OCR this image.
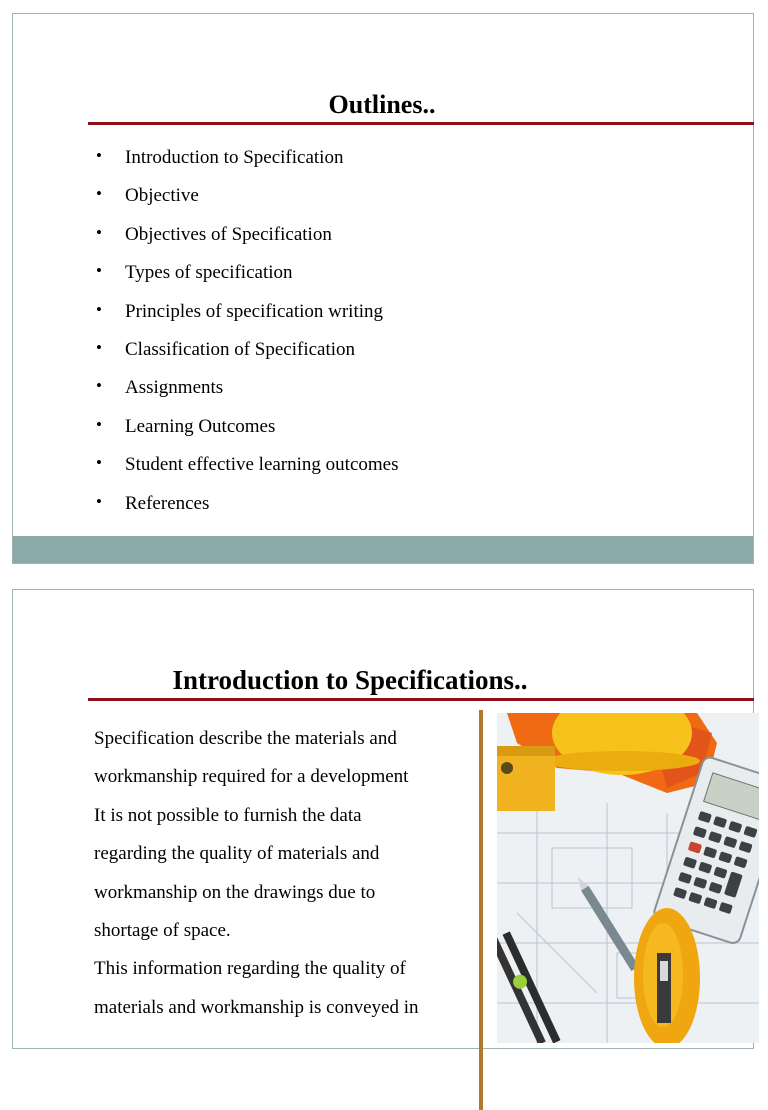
Outlines..
• Introduction to Specification
• Objective
• Objectives of Specification
• Types of specification
• Principles of specification writing
• Classification of Specification
• Assignments
• Learning Outcomes
• Student effective learning outcomes
• References
Introduction to Specifications..
Specification describe the materials and
workmanship required for a development
It is not possible to furnish the data
regarding the quality of materials and
workmanship on the drawings due to
shortage of space.
This information regarding the quality of
materials and workmanship is conveyed in
